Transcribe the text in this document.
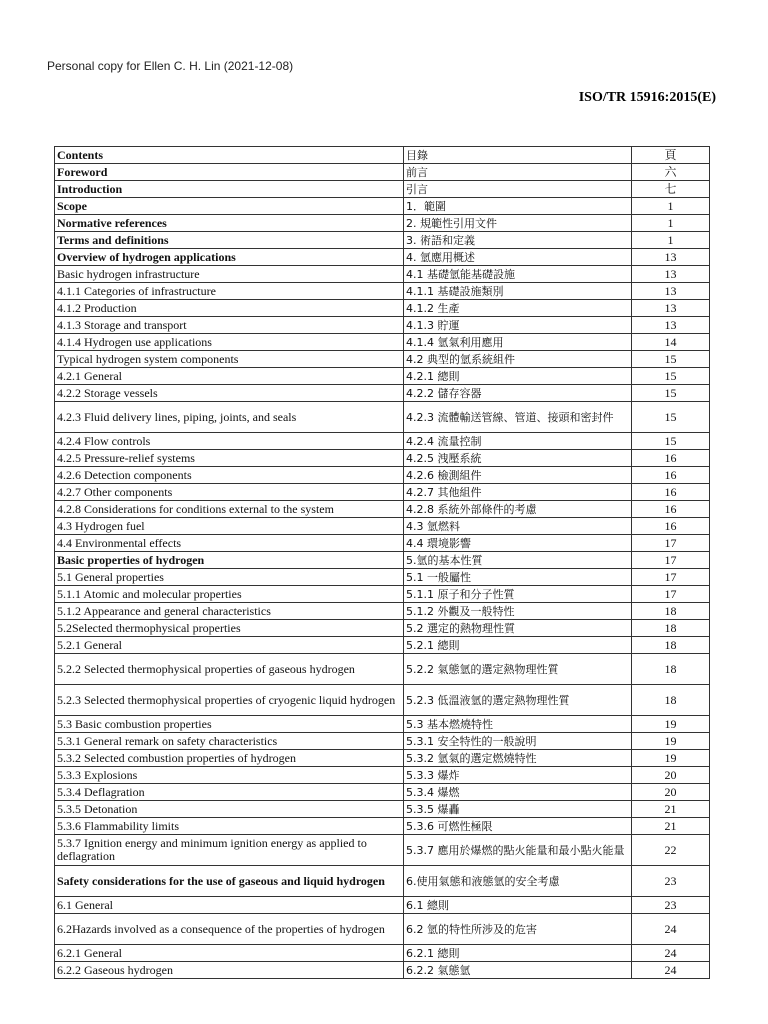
Personal copy for Ellen C. H. Lin (2021-12-08)
ISO/TR 15916:2015(E)
Contents	目錄	頁
Foreword	前言	六
Introduction	引言	七
Scope	1．範圍	1
Normative references	2. 規範性引用文件	1
Terms and definitions	3. 術語和定義	1
Overview of hydrogen applications	4. 氫應用概述	13
Basic hydrogen infrastructure	4.1 基礎氫能基礎設施	13
4.1.1 Categories of infrastructure	4.1.1 基礎設施類別	13
4.1.2 Production	4.1.2 生產	13
4.1.3 Storage and transport	4.1.3 貯運	13
4.1.4 Hydrogen use applications	4.1.4 氫氣利用應用	14
Typical hydrogen system components	4.2 典型的氫系統組件	15
4.2.1 General	4.2.1 總則	15
4.2.2 Storage vessels	4.2.2 儲存容器	15
4.2.3 Fluid delivery lines, piping, joints, and seals	4.2.3 流體輸送管線、管道、接頭和密封件	15
4.2.4 Flow controls	4.2.4 流量控制	15
4.2.5 Pressure-relief systems	4.2.5 洩壓系統	16
4.2.6 Detection components	4.2.6 檢測組件	16
4.2.7 Other components	4.2.7 其他組件	16
4.2.8 Considerations for conditions external to the system	4.2.8 系統外部條件的考慮	16
4.3 Hydrogen fuel	4.3 氫燃料	16
4.4 Environmental effects	4.4 環境影響	17
Basic properties of hydrogen	5.氫的基本性質	17
5.1 General properties	5.1 一般屬性	17
5.1.1 Atomic and molecular properties	5.1.1 原子和分子性質	17
5.1.2 Appearance and general characteristics	5.1.2 外觀及一般特性	18
5.2Selected thermophysical properties	5.2 選定的熱物理性質	18
5.2.1 General	5.2.1 總則	18
5.2.2 Selected thermophysical properties of gaseous hydrogen	5.2.2 氣態氫的選定熱物理性質	18
5.2.3 Selected thermophysical properties of cryogenic liquid hydrogen	5.2.3 低溫液氫的選定熱物理性質	18
5.3 Basic combustion properties	5.3 基本燃燒特性	19
5.3.1 General remark on safety characteristics	5.3.1 安全特性的一般說明	19
5.3.2 Selected combustion properties of hydrogen	5.3.2 氫氣的選定燃燒特性	19
5.3.3 Explosions	5.3.3 爆炸	20
5.3.4 Deflagration	5.3.4 爆燃	20
5.3.5 Detonation	5.3.5 爆轟	21
5.3.6 Flammability limits	5.3.6 可燃性極限	21
5.3.7 Ignition energy and minimum ignition energy as applied to deflagration	5.3.7 應用於爆燃的點火能量和最小點火能量	22
Safety considerations for the use of gaseous and liquid hydrogen	6.使用氣態和液態氫的安全考慮	23
6.1 General	6.1 總則	23
6.2Hazards involved as a consequence of the properties of hydrogen	6.2 氫的特性所涉及的危害	24
6.2.1 General	6.2.1 總則	24
6.2.2 Gaseous hydrogen	6.2.2 氣態氫	24
